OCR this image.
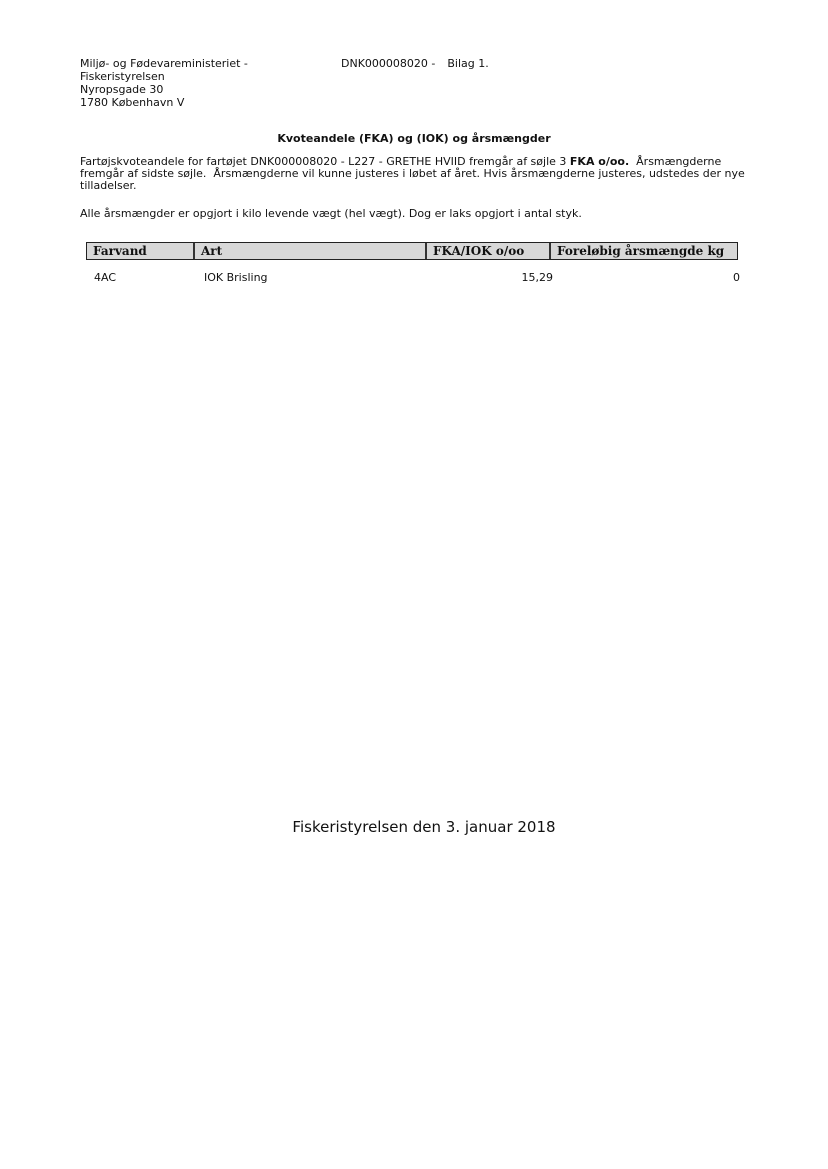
Miljø- og Fødevareministeriet -
Fiskeristyrelsen
Nyropsgade 30
1780 København V
DNK000008020 - Bilag 1.
Kvoteandele (FKA) og (IOK) og årsmængder
Fartøjskvoteandele for fartøjet DNK000008020 - L227 - GRETHE HVIID fremgår af søjle 3 FKA o/oo.  Årsmængderne fremgår af sidste søjle.  Årsmængderne vil kunne justeres i løbet af året. Hvis årsmængderne justeres, udstedes der nye tilladelser.
Alle årsmængder er opgjort i kilo levende vægt (hel vægt). Dog er laks opgjort i antal styk.
Farvand	Art	FKA/IOK o/oo	Foreløbig årsmængde kg
4AC	IOK Brisling	15,29	0
Fiskeristyrelsen den 3. januar 2018
